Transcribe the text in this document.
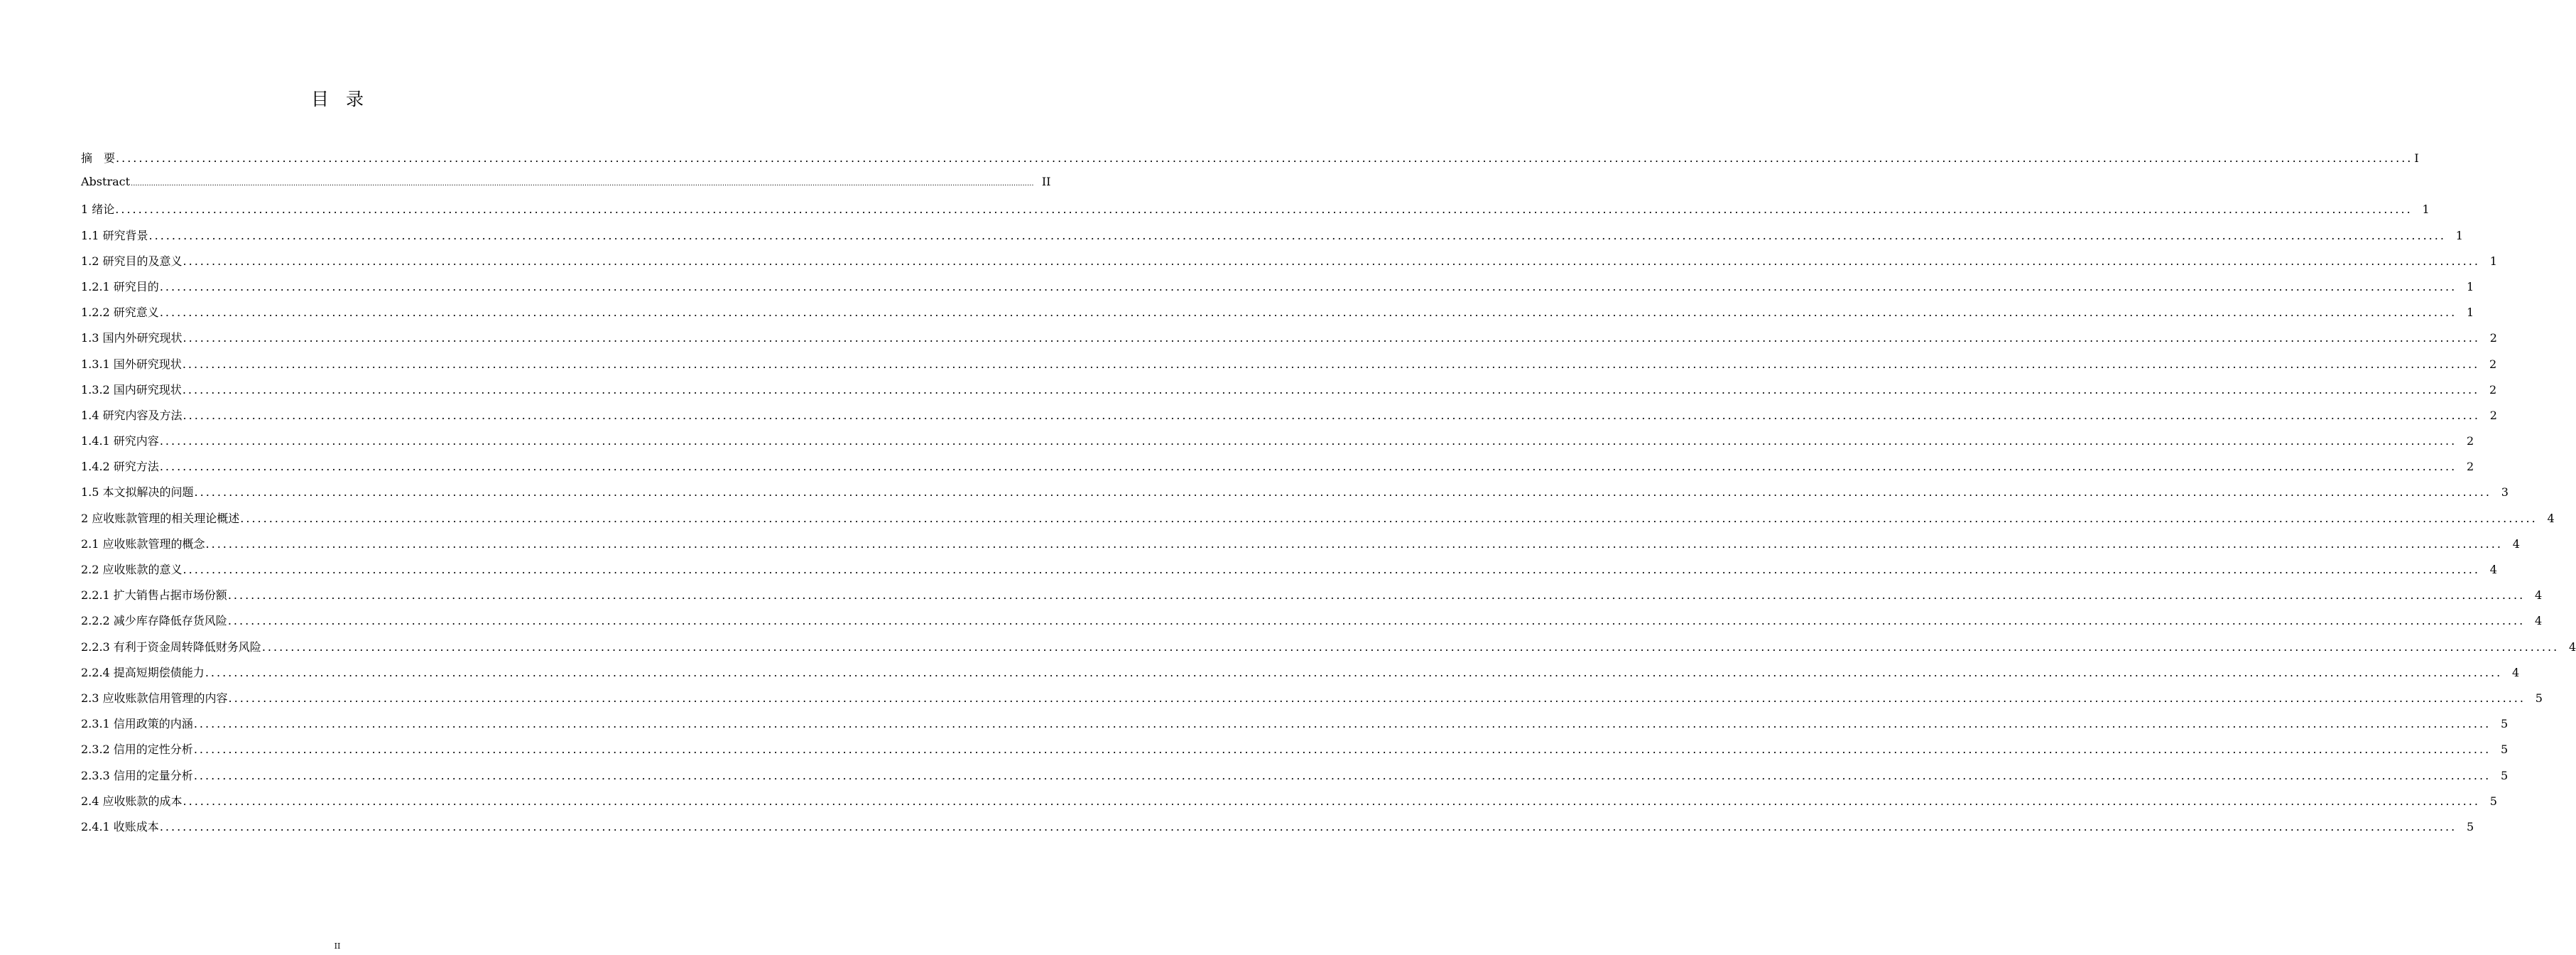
目录
摘　要 ................................................................................................................................................................................................................................................................................................................................................................................................................ I
Abstract ................................................................................................................................................................................................................................................................................................................................................................................................................ II
1 绪论 ................................................................................................................................................................................................................................................................................................................................................................................................................ 1
1.1 研究背景 ................................................................................................................................................................................................................................................................................................................................................................................................................ 1
1.2 研究目的及意义 ................................................................................................................................................................................................................................................................................................................................................................................................................ 1
1.2.1 研究目的 ................................................................................................................................................................................................................................................................................................................................................................................................................ 1
1.2.2 研究意义 ................................................................................................................................................................................................................................................................................................................................................................................................................ 1
1.3 国内外研究现状 ................................................................................................................................................................................................................................................................................................................................................................................................................ 2
1.3.1 国外研究现状 ................................................................................................................................................................................................................................................................................................................................................................................................................ 2
1.3.2 国内研究现状 ................................................................................................................................................................................................................................................................................................................................................................................................................ 2
1.4 研究内容及方法 ................................................................................................................................................................................................................................................................................................................................................................................................................ 2
1.4.1 研究内容 ................................................................................................................................................................................................................................................................................................................................................................................................................ 2
1.4.2 研究方法 ................................................................................................................................................................................................................................................................................................................................................................................................................ 2
1.5 本文拟解决的问题 ................................................................................................................................................................................................................................................................................................................................................................................................................ 3
2 应收账款管理的相关理论概述 ................................................................................................................................................................................................................................................................................................................................................................................................................ 4
2.1 应收账款管理的概念 ................................................................................................................................................................................................................................................................................................................................................................................................................ 4
2.2 应收账款的意义 ................................................................................................................................................................................................................................................................................................................................................................................................................ 4
2.2.1 扩大销售占据市场份额 ................................................................................................................................................................................................................................................................................................................................................................................................................ 4
2.2.2 减少库存降低存货风险 ................................................................................................................................................................................................................................................................................................................................................................................................................ 4
2.2.3 有利于资金周转降低财务风险 ................................................................................................................................................................................................................................................................................................................................................................................................................ 4
2.2.4 提高短期偿债能力 ................................................................................................................................................................................................................................................................................................................................................................................................................ 4
2.3 应收账款信用管理的内容 ................................................................................................................................................................................................................................................................................................................................................................................................................ 5
2.3.1 信用政策的内涵 ................................................................................................................................................................................................................................................................................................................................................................................................................ 5
2.3.2 信用的定性分析 ................................................................................................................................................................................................................................................................................................................................................................................................................ 5
2.3.3 信用的定量分析 ................................................................................................................................................................................................................................................................................................................................................................................................................ 5
2.4 应收账款的成本 ................................................................................................................................................................................................................................................................................................................................................................................................................ 5
2.4.1 收账成本 ................................................................................................................................................................................................................................................................................................................................................................................................................ 5
II
